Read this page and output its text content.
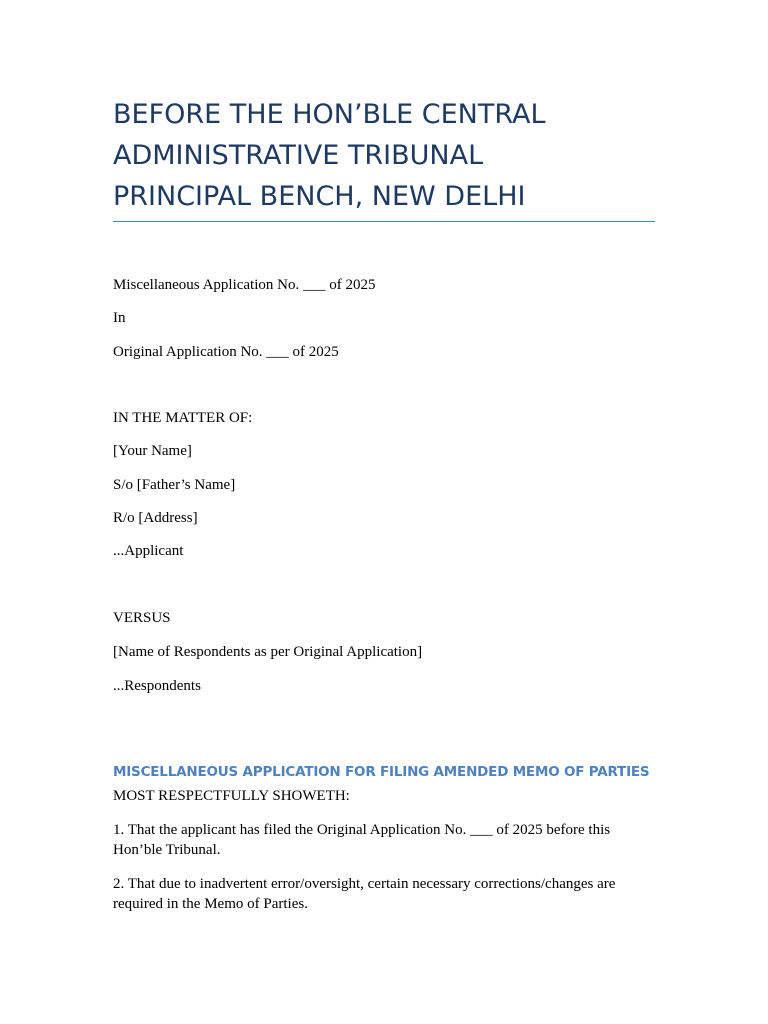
BEFORE THE HON’BLE CENTRAL
ADMINISTRATIVE TRIBUNAL
PRINCIPAL BENCH, NEW DELHI
Miscellaneous Application No. ___ of 2025
In
Original Application No. ___ of 2025
IN THE MATTER OF:
[Your Name]
S/o [Father’s Name]
R/o [Address]
...Applicant
VERSUS
[Name of Respondents as per Original Application]
...Respondents
MISCELLANEOUS APPLICATION FOR FILING AMENDED MEMO OF PARTIES
MOST RESPECTFULLY SHOWETH:
1. That the applicant has filed the Original Application No. ___ of 2025 before this Hon’ble Tribunal.
2. That due to inadvertent error/oversight, certain necessary corrections/changes are required in the Memo of Parties.
